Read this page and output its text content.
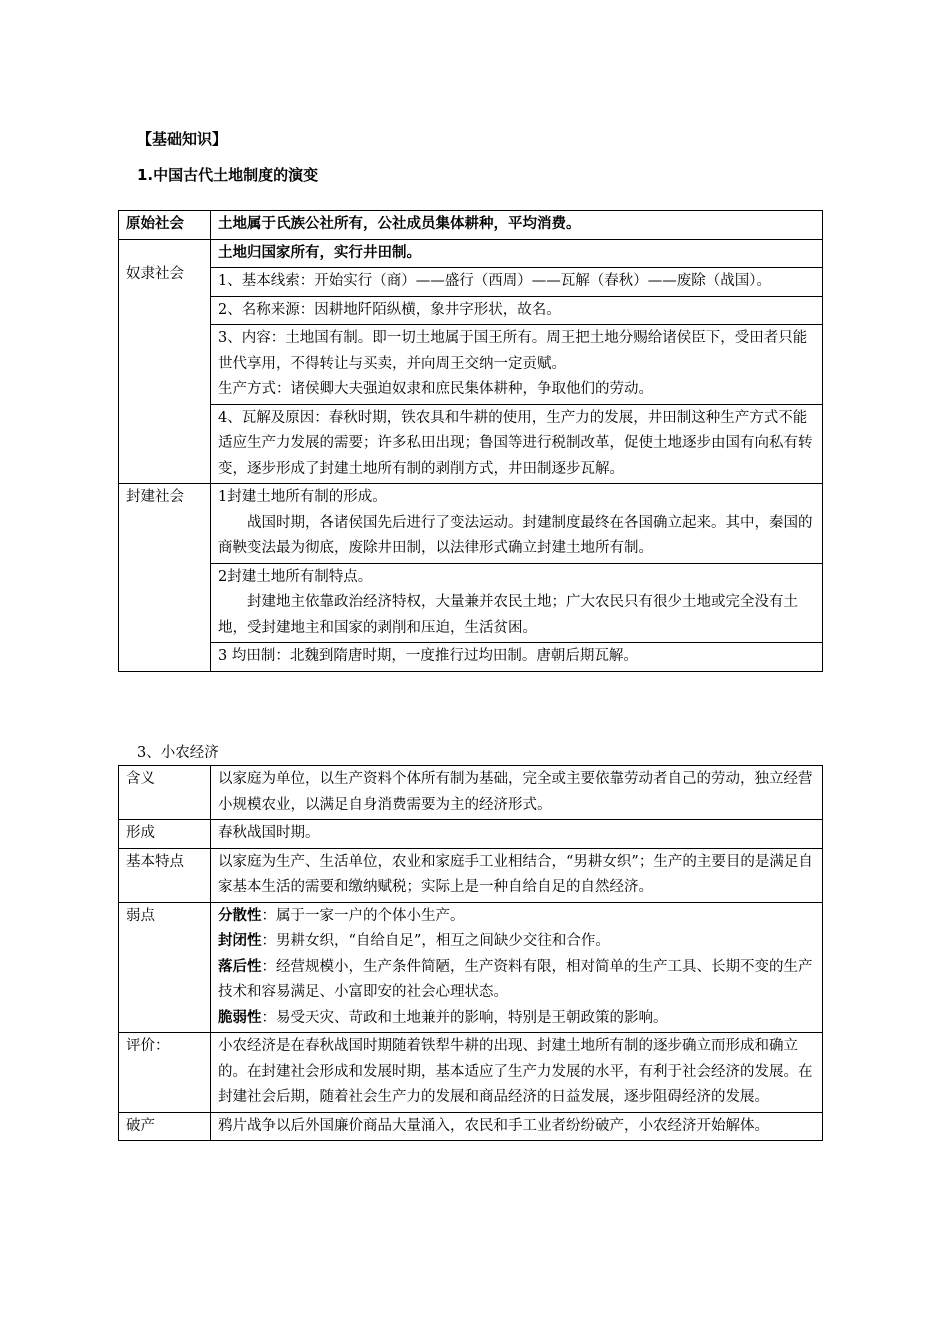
【基础知识】
1.中国古代土地制度的演变
原始社会	土地属于氏族公社所有，公社成员集体耕种，平均消费。
奴隶社会	土地归国家所有，实行井田制。
	1、基本线索：开始实行（商）——盛行（西周）——瓦解（春秋）——废除（战国）。
	2、名称来源：因耕地阡陌纵横，象井字形状，故名。

	3、内容：土地国有制。即一切土地属于国王所有。周王把土地分赐给诸侯臣下，受田者只能世代享用，不得转让与买卖，并向周王交纳一定贡赋。
生产方式：诸侯卿大夫强迫奴隶和庶民集体耕种，争取他们的劳动。

	4、瓦解及原因：春秋时期，铁农具和牛耕的使用，生产力的发展，井田制这种生产方式不能适应生产力发展的需要；许多私田出现；鲁国等进行税制改革，促使土地逐步由国有向私有转变，逐步形成了封建土地所有制的剥削方式，井田制逐步瓦解。
封建社会	1封建土地所有制的形成。
战国时期，各诸侯国先后进行了变法运动。封建制度最终在各国确立起来。其中，秦国的商鞅变法最为彻底，废除井田制，以法律形式确立封建土地所有制。

	2封建土地所有制特点。
封建地主依靠政治经济特权，大量兼并农民土地；广大农民只有很少土地或完全没有土地，受封建地主和国家的剥削和压迫，生活贫困。

	3 均田制：北魏到隋唐时期，一度推行过均田制。唐朝后期瓦解。
3、小农经济
含义	以家庭为单位，以生产资料个体所有制为基础，完全或主要依靠劳动者自己的劳动，独立经营小规模农业，以满足自身消费需要为主的经济形式。
形成	春秋战国时期。
基本特点	以家庭为生产、生活单位，农业和家庭手工业相结合，“男耕女织”；生产的主要目的是满足自家基本生活的需要和缴纳赋税；实际上是一种自给自足的自然经济。
弱点	分散性：属于一家一户的个体小生产。
封闭性：男耕女织，“自给自足”，相互之间缺少交往和合作。
落后性：经营规模小，生产条件简陋，生产资料有限，相对简单的生产工具、长期不变的生产技术和容易满足、小富即安的社会心理状态。
脆弱性：易受天灾、苛政和土地兼并的影响，特别是王朝政策的影响。

评价：	小农经济是在春秋战国时期随着铁犁牛耕的出现、封建土地所有制的逐步确立而形成和确立的。在封建社会形成和发展时期，基本适应了生产力发展的水平，有利于社会经济的发展。在封建社会后期，随着社会生产力的发展和商品经济的日益发展，逐步阻碍经济的发展。
破产	鸦片战争以后外国廉价商品大量涌入，农民和手工业者纷纷破产，小农经济开始解体。
